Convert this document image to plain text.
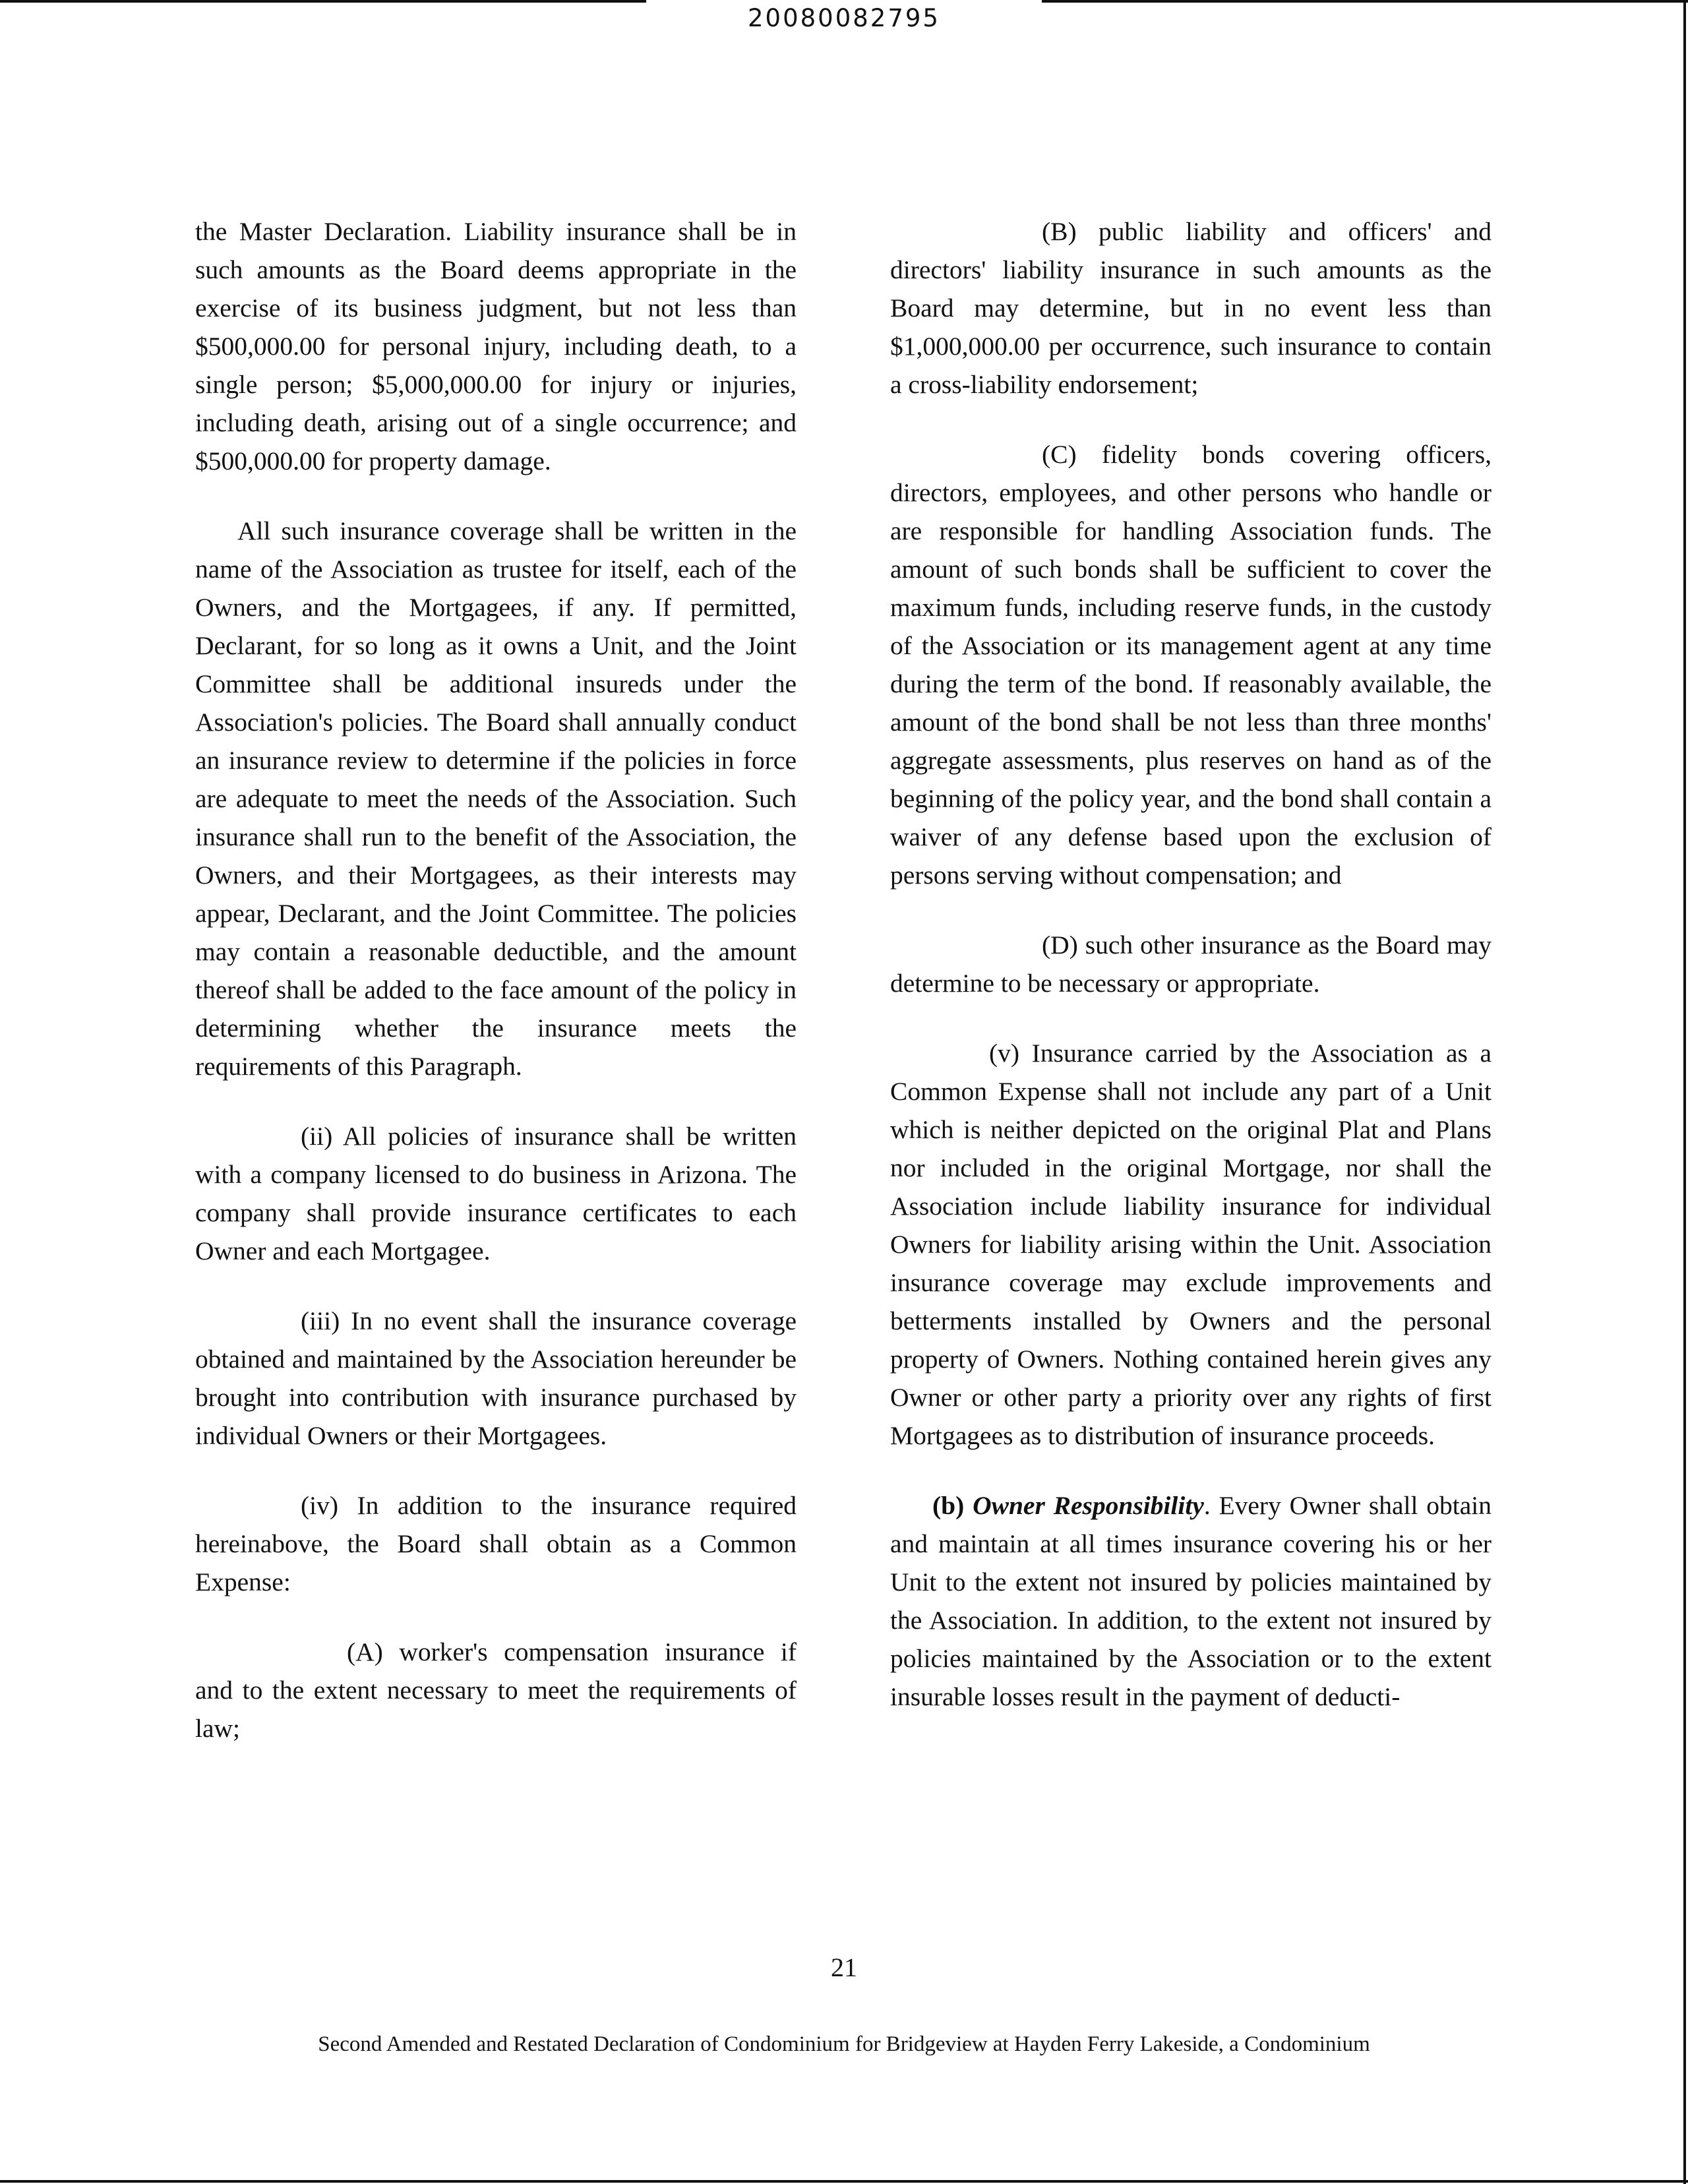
20080082795

the Master Declaration. Liability insurance shall be in such amounts as the Board deems appropriate in the exercise of its business judgment, but not less than $500,000.00 for personal injury, including death, to a single person; $5,000,000.00 for injury or injuries, including death, arising out of a single occurrence; and $500,000.00 for property damage.

All such insurance coverage shall be written in the name of the Association as trustee for itself, each of the Owners, and the Mortgagees, if any. If permitted, Declarant, for so long as it owns a Unit, and the Joint Committee shall be additional insureds under the Association's policies. The Board shall annually conduct an insurance review to determine if the policies in force are adequate to meet the needs of the Association. Such insurance shall run to the benefit of the Association, the Owners, and their Mortgagees, as their interests may appear, Declarant, and the Joint Committee. The policies may contain a reasonable deductible, and the amount thereof shall be added to the face amount of the policy in determining whether the insurance meets the requirements of this Paragraph.

(ii) All policies of insurance shall be written with a company licensed to do business in Arizona. The company shall provide insurance certificates to each Owner and each Mortgagee.

(iii) In no event shall the insurance coverage obtained and maintained by the Association hereunder be brought into contribution with insurance purchased by individual Owners or their Mortgagees.

(iv) In addition to the insurance required hereinabove, the Board shall obtain as a Common Expense:

(A) worker's compensation insurance if and to the extent necessary to meet the requirements of law;

(B) public liability and officers' and directors' liability insurance in such amounts as the Board may determine, but in no event less than $1,000,000.00 per occurrence, such insurance to contain a cross-liability endorsement;

(C) fidelity bonds covering officers, directors, employees, and other persons who handle or are responsible for handling Association funds. The amount of such bonds shall be sufficient to cover the maximum funds, including reserve funds, in the custody of the Association or its management agent at any time during the term of the bond. If reasonably available, the amount of the bond shall be not less than three months' aggregate assessments, plus reserves on hand as of the beginning of the policy year, and the bond shall contain a waiver of any defense based upon the exclusion of persons serving without compensation; and

(D) such other insurance as the Board may determine to be necessary or appropriate.

(v) Insurance carried by the Association as a Common Expense shall not include any part of a Unit which is neither depicted on the original Plat and Plans nor included in the original Mortgage, nor shall the Association include liability insurance for individual Owners for liability arising within the Unit. Association insurance coverage may exclude improvements and betterments installed by Owners and the personal property of Owners. Nothing contained herein gives any Owner or other party a priority over any rights of first Mortgagees as to distribution of insurance proceeds.

(b) Owner Responsibility. Every Owner shall obtain and maintain at all times insurance covering his or her Unit to the extent not insured by policies maintained by the Association. In addition, to the extent not insured by policies maintained by the Association or to the extent insurable losses result in the payment of deducti-

21
Second Amended and Restated Declaration of Condominium for Bridgeview at Hayden Ferry Lakeside, a Condominium
